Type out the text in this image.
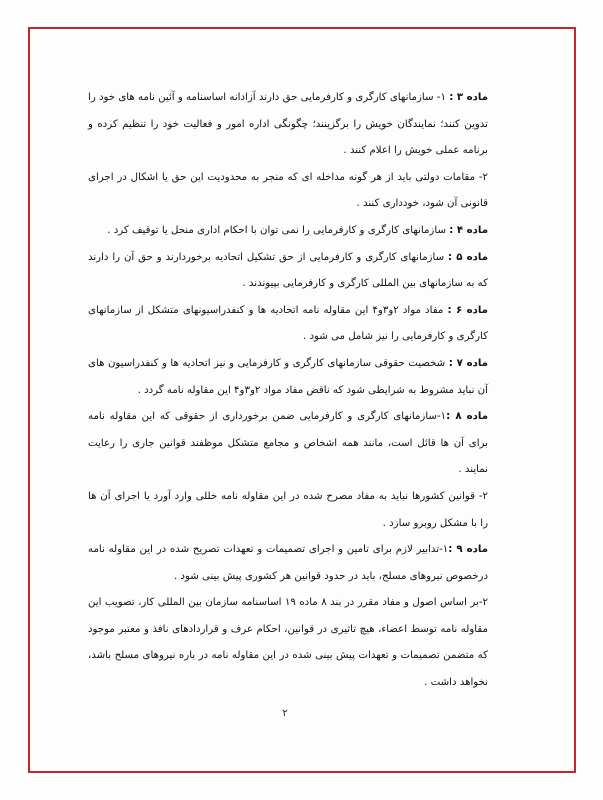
ماده ۳ : ۱- سازمانهای کارگری و کارفرمایی حق دارند آزادانه اساسنامه و آئین نامه های خود را تدوین کنند؛ نمایندگان خویش را برگزینند؛ چگونگی اداره امور و فعالیت خود را تنظیم کرده و برنامه عملی خویش را اعلام کنند .

۲- مقامات دولتی باید از هر گونه مداخله ای که منجر به محدودیت این حق یا اشکال در اجرای قانونی آن شود، خودداری کنند .

ماده ۴ : سازمانهای کارگری و کارفرمایی را نمی توان با احکام اداری منحل یا توقیف کرد .

ماده ۵ : سازمانهای کارگری و کارفرمایی از حق تشکیل اتحادیه برخوردارند و حق آن را دارند که به سازمانهای بین المللی کارگری و کارفرمایی بپیوندند .

ماده ۶ : مفاد مواد ۲و۳و۴ این مقاوله نامه اتحادیه ها و کنفدراسیونهای متشکل از سازمانهای کارگری و کارفرمایی را نیز شامل می شود .

ماده ۷ : شخصیت حقوقی سازمانهای کارگری و کارفرمایی و نیز اتحادیه ها و کنفدراسیون های آن نباید مشروط به شرایطی شود که ناقض مفاد مواد ۲و۳و۴ این مقاوله نامه گردد .

ماده ۸ :۱-سازمانهای کارگری و کارفرمایی ضمن برخورداری از حقوقی که این مقاوله نامه برای آن ها قائل است، مانند همه اشخاص و مجامع متشکل موظفند قوانین جاری را رعایت نمایند .

۲- قوانین کشورها نباید به مفاد مصرح شده در این مقاوله نامه خللی وارد آورد یا اجرای آن ها را با مشکل روبرو سازد .

ماده ۹ :۱-تدابیر لازم برای تامین و اجرای تصمیمات و تعهدات تصریح شده در این مقاوله نامه درخصوص نیروهای مسلح، باید در حدود قوانین هر کشوری پیش بینی شود .

۲-بر اساس اصول و مفاد مقرر در بند ۸ ماده ۱۹ اساسنامه سازمان بین المللی کار، تصویب این مقاوله نامه توسط اعضاء، هیچ تاثیری در قوانین، احکام عرف و قراردادهای نافذ و معتبر موجود که متضمن تصمیمات و تعهدات پیش بینی شده در این مقاوله نامه در باره نیروهای مسلح باشد، نخواهد داشت .

۲
